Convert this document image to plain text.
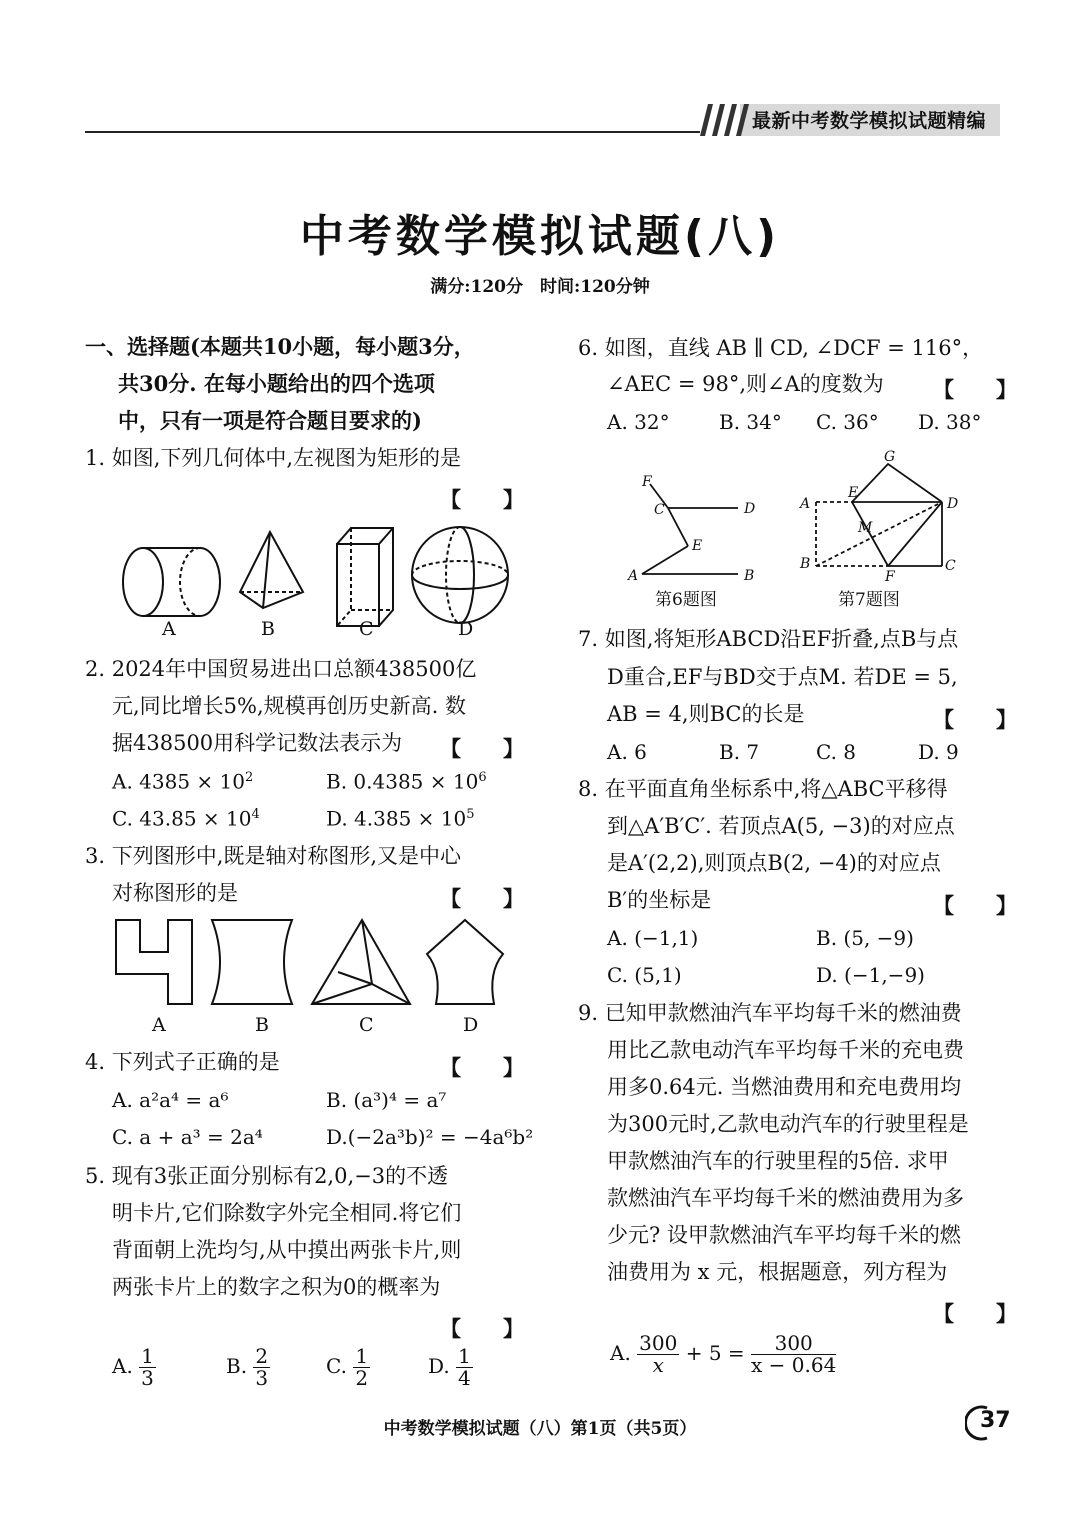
最新中考数学模拟试题精编
中考数学模拟试题(八)
满分:120分　时间:120分钟
一、选择题(本题共10小题，每小题3分，
共30分. 在每小题给出的四个选项
中，只有一项是符合题目要求的)
1. 如图,下列几何体中,左视图为矩形的是
【　　】
A	B	C	D
2. 2024年中国贸易进出口总额438500亿
元,同比增长5%,规模再创历史新高. 数
据438500用科学记数法表示为 【　　】
A. $4385 \times 10^2$	B. $0.4385 \times 10^6$
C. $43.85 \times 10^4$	D. $4.385 \times 10^5$
3. 下列图形中,既是轴对称图形,又是中心
对称图形的是	【　　】
A	B	C	D
4. 下列式子正确的是	【　　】
A. a²a⁴ = a⁶	B. (a³)⁴ = a⁷
C. a + a³ = 2a⁴	D.(−2a³b)² = −4a⁶b²
5. 现有3张正面分别标有2,0,−3的不透
明卡片,它们除数字外完全相同.将它们
背面朝上洗均匀,从中摸出两张卡片,则
两张卡片上的数字之积为0的概率为
【　　】
A. $\frac{1}{3}$	B. $\frac{2}{3}$	C. $\frac{1}{2}$	D. $\frac{1}{4}$
6. 如图，直线 AB ∥ CD, ∠DCF = 116°，
∠AEC = 98°,则∠A的度数为 【　　】
A. 32° B. 34° C. 36° D. 38°
F
C	D
E
A	B
第6题图
G
A
E
D
M
B
F
C
第7题图
7. 如图,将矩形ABCD沿EF折叠,点B与点
D重合,EF与BD交于点M. 若DE = 5,
AB = 4,则BC的长是	【　　】
A. 6	B. 7	C. 8	D. 9
8. 在平面直角坐标系中,将△ABC平移得
到△A′B′C′. 若顶点A(5, −3)的对应点
是A′(2,2),则顶点B(2, −4)的对应点
B′的坐标是	【　　】
A. (−1,1)	B. (5, −9)
C. (5,1)	D. (−1,−9)
9. 已知甲款燃油汽车平均每千米的燃油费
用比乙款电动汽车平均每千米的充电费
用多0.64元. 当燃油费用和充电费用均
为300元时,乙款电动汽车的行驶里程是
甲款燃油汽车的行驶里程的5倍. 求甲
款燃油汽车平均每千米的燃油费用为多
少元? 设甲款燃油汽车平均每千米的燃
油费用为 x 元，根据题意，列方程为
【　　】
A. $\frac{300}{x} + 5 = \frac{300}{x - 0.64}$
中考数学模拟试题（八）第1页（共5页）	37
